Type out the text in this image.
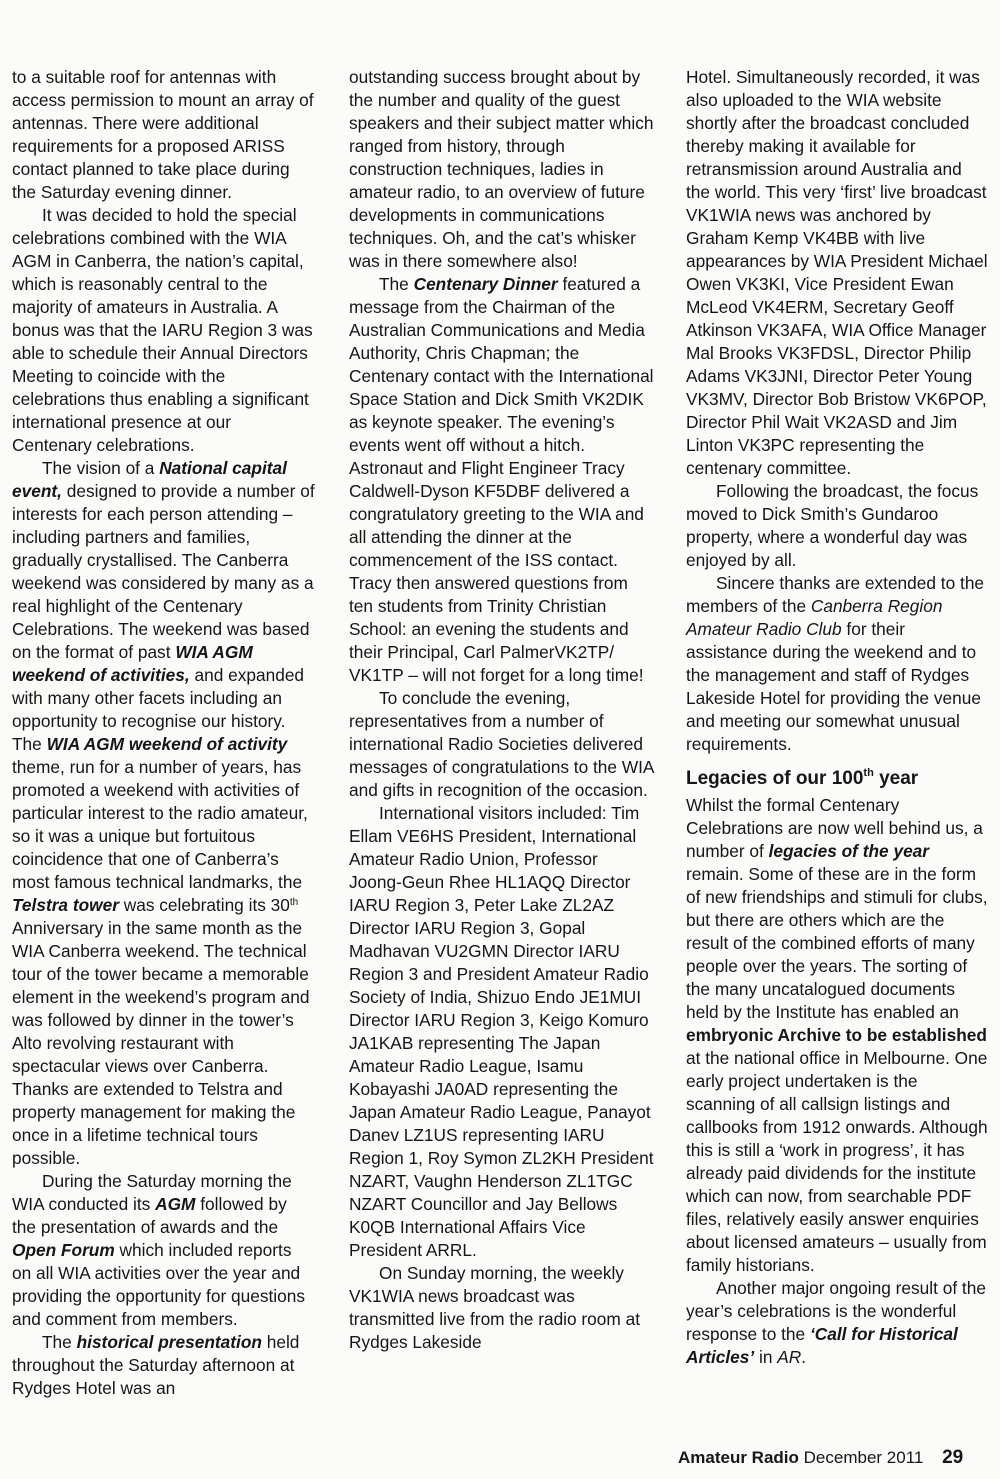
to a suitable roof for antennas with access permission to mount an array of antennas. There were additional requirements for a proposed ARISS contact planned to take place during the Saturday evening dinner.

It was decided to hold the special celebrations combined with the WIA AGM in Canberra, the nation’s capital, which is reasonably central to the majority of amateurs in Australia. A bonus was that the IARU Region 3 was able to schedule their Annual Directors Meeting to coincide with the celebrations thus enabling a significant international presence at our Centenary celebrations.

The vision of a National capital event, designed to provide a number of interests for each person attending – including partners and families, gradually crystallised. The Canberra weekend was considered by many as a real highlight of the Centenary Celebrations. The weekend was based on the format of past WIA AGM weekend of activities, and expanded with many other facets including an opportunity to recognise our history. The WIA AGM weekend of activity theme, run for a number of years, has promoted a weekend with activities of particular interest to the radio amateur, so it was a unique but fortuitous coincidence that one of Canberra’s most famous technical landmarks, the Telstra tower was celebrating its 30th Anniversary in the same month as the WIA Canberra weekend. The technical tour of the tower became a memorable element in the weekend’s program and was followed by dinner in the tower’s Alto revolving restaurant with spectacular views over Canberra. Thanks are extended to Telstra and property management for making the once in a lifetime technical tours possible.

During the Saturday morning the WIA conducted its AGM followed by the presentation of awards and the Open Forum which included reports on all WIA activities over the year and providing the opportunity for questions and comment from members.

The historical presentation held throughout the Saturday afternoon at Rydges Hotel was an

outstanding success brought about by the number and quality of the guest speakers and their subject matter which ranged from history, through construction techniques, ladies in amateur radio, to an overview of future developments in communications techniques. Oh, and the cat’s whisker was in there somewhere also!

The Centenary Dinner featured a message from the Chairman of the Australian Communications and Media Authority, Chris Chapman; the Centenary contact with the International Space Station and Dick Smith VK2DIK as keynote speaker. The evening’s events went off without a hitch. Astronaut and Flight Engineer Tracy Caldwell-Dyson KF5DBF delivered a congratulatory greeting to the WIA and all attending the dinner at the commencement of the ISS contact. Tracy then answered questions from ten students from Trinity Christian School: an evening the students and their Principal, Carl PalmerVK2TP/ VK1TP – will not forget for a long time!

To conclude the evening, representatives from a number of international Radio Societies delivered messages of congratulations to the WIA and gifts in recognition of the occasion.

International visitors included: Tim Ellam VE6HS President, International Amateur Radio Union, Professor Joong-Geun Rhee HL1AQQ Director IARU Region 3, Peter Lake ZL2AZ Director IARU Region 3, Gopal Madhavan VU2GMN Director IARU Region 3 and President Amateur Radio Society of India, Shizuo Endo JE1MUI Director IARU Region 3, Keigo Komuro JA1KAB representing The Japan Amateur Radio League, Isamu Kobayashi JA0AD representing the Japan Amateur Radio League, Panayot Danev LZ1US representing IARU Region 1, Roy Symon ZL2KH President NZART, Vaughn Henderson ZL1TGC NZART Councillor and Jay Bellows K0QB International Affairs Vice President ARRL.

On Sunday morning, the weekly VK1WIA news broadcast was transmitted live from the radio room at Rydges Lakeside

Hotel. Simultaneously recorded, it was also uploaded to the WIA website shortly after the broadcast concluded thereby making it available for retransmission around Australia and the world. This very ‘first’ live broadcast VK1WIA news was anchored by Graham Kemp VK4BB with live appearances by WIA President Michael Owen VK3KI, Vice President Ewan McLeod VK4ERM, Secretary Geoff Atkinson VK3AFA, WIA Office Manager Mal Brooks VK3FDSL, Director Philip Adams VK3JNI, Director Peter Young VK3MV, Director Bob Bristow VK6POP, Director Phil Wait VK2ASD and Jim Linton VK3PC representing the centenary committee.

Following the broadcast, the focus moved to Dick Smith’s Gundaroo property, where a wonderful day was enjoyed by all.

Sincere thanks are extended to the members of the Canberra Region Amateur Radio Club for their assistance during the weekend and to the management and staff of Rydges Lakeside Hotel for providing the venue and meeting our somewhat unusual requirements.

Legacies of our 100th year

Whilst the formal Centenary Celebrations are now well behind us, a number of legacies of the year remain. Some of these are in the form of new friendships and stimuli for clubs, but there are others which are the result of the combined efforts of many people over the years. The sorting of the many uncatalogued documents held by the Institute has enabled an embryonic Archive to be established at the national office in Melbourne. One early project undertaken is the scanning of all callsign listings and callbooks from 1912 onwards. Although this is still a ‘work in progress’, it has already paid dividends for the institute which can now, from searchable PDF files, relatively easily answer enquiries about licensed amateurs – usually from family historians.

Another major ongoing result of the year’s celebrations is the wonderful response to the ‘Call for Historical Articles’ in AR.

Amateur Radio December 2011 29
